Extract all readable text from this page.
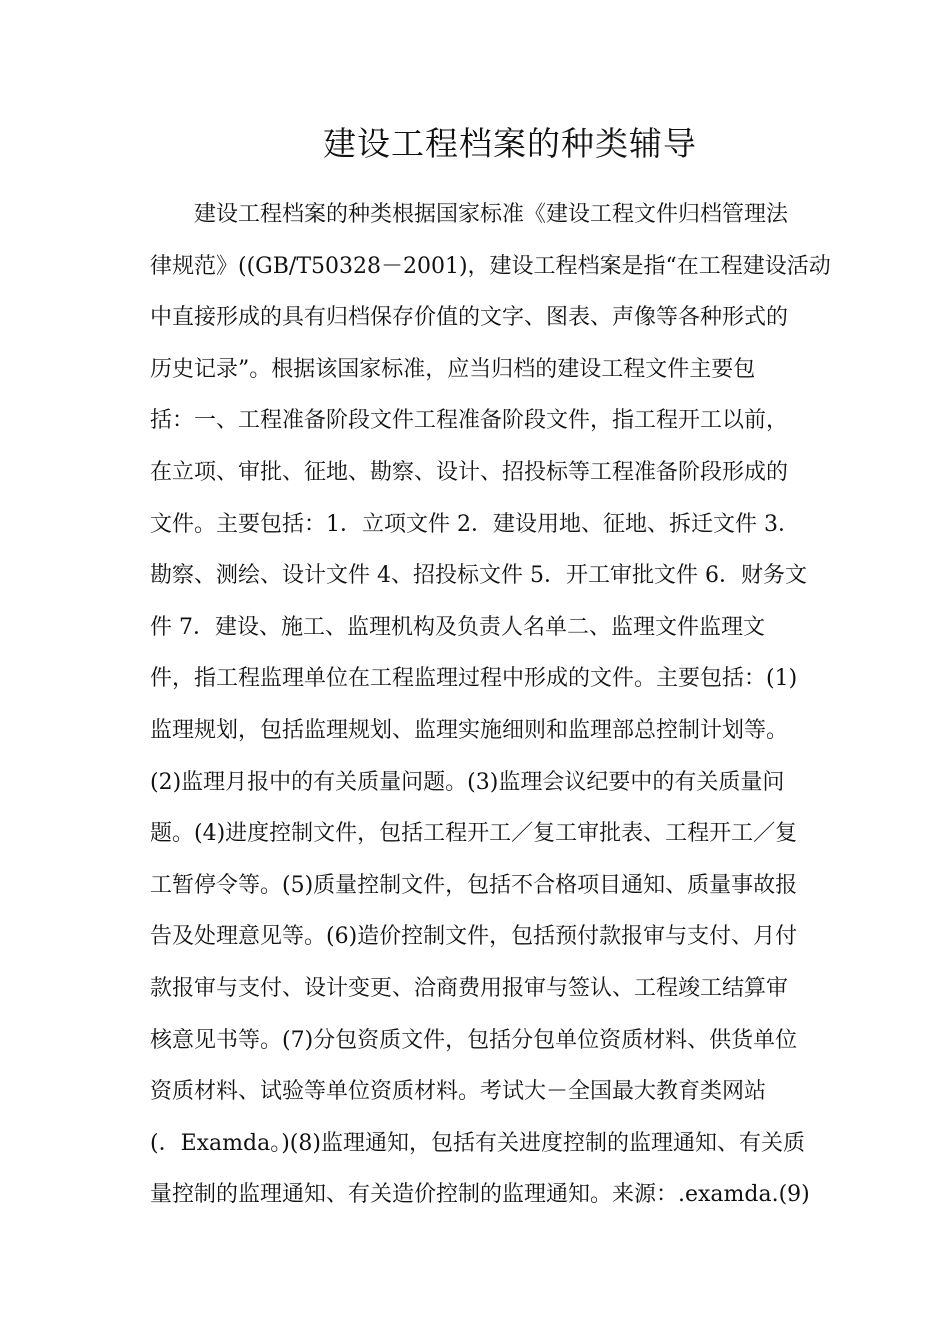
建设工程档案的种类辅导
建设工程档案的种类根据国家标准《建设工程文件归档管理法
律规范》((GB/T50328－2001)，建设工程档案是指“在工程建设活动
中直接形成的具有归档保存价值的文字、图表、声像等各种形式的
历史记录”。根据该国家标准，应当归档的建设工程文件主要包
括：一、工程准备阶段文件工程准备阶段文件，指工程开工以前，
在立项、审批、征地、勘察、设计、招投标等工程准备阶段形成的
文件。主要包括：1．立项文件 2．建设用地、征地、拆迁文件 3．
勘察、测绘、设计文件 4、招投标文件 5．开工审批文件 6．财务文
件 7．建设、施工、监理机构及负责人名单二、监理文件监理文
件，指工程监理单位在工程监理过程中形成的文件。主要包括：(1)
监理规划，包括监理规划、监理实施细则和监理部总控制计划等。
(2)监理月报中的有关质量问题。(3)监理会议纪要中的有关质量问
题。(4)进度控制文件，包括工程开工／复工审批表、工程开工／复
工暂停令等。(5)质量控制文件，包括不合格项目通知、质量事故报
告及处理意见等。(6)造价控制文件，包括预付款报审与支付、月付
款报审与支付、设计变更、洽商费用报审与签认、工程竣工结算审
核意见书等。(7)分包资质文件，包括分包单位资质材料、供货单位
资质材料、试验等单位资质材料。考试大－全国最大教育类网站
(．Examda。)(8)监理通知，包括有关进度控制的监理通知、有关质
量控制的监理通知、有关造价控制的监理通知。来源：.examda.(9)
